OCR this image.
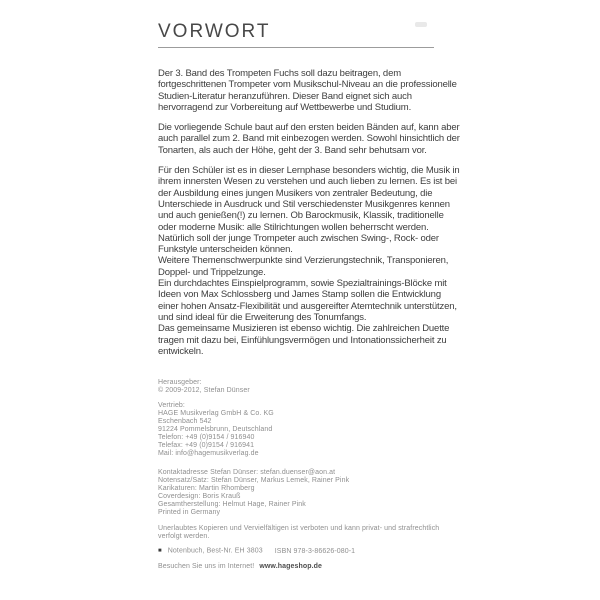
VORWORT

Der 3. Band des Trompeten Fuchs soll dazu beitragen, dem fortgeschrittenen Trompeter vom Musikschul-Niveau an die professionelle Studien-Literatur heranzuführen. Dieser Band eignet sich auch hervorragend zur Vorbereitung auf Wettbewerbe und Studium.

Die vorliegende Schule baut auf den ersten beiden Bänden auf, kann aber auch parallel zum 2. Band mit einbezogen werden. Sowohl hinsichtlich der Tonarten, als auch der Höhe, geht der 3. Band sehr behutsam vor.

Für den Schüler ist es in dieser Lernphase besonders wichtig, die Musik in ihrem innersten Wesen zu verstehen und auch lieben zu lernen. Es ist bei der Ausbildung eines jungen Musikers von zentraler Bedeutung, die Unterschiede in Ausdruck und Stil verschiedenster Musikgenres kennen und auch genießen(!) zu lernen. Ob Barockmusik, Klassik, traditionelle oder moderne Musik: alle Stilrichtungen wollen beherrscht werden. Natürlich soll der junge Trompeter auch zwischen Swing-, Rock- oder Funkstyle unterscheiden können.

Weitere Themenschwerpunkte sind Verzierungstechnik, Transponieren, Doppel- und Trippelzunge.

Ein durchdachtes Einspielprogramm, sowie Spezialtrainings-Blöcke mit Ideen von Max Schlossberg und James Stamp sollen die Entwicklung einer hohen Ansatz-Flexibilität und ausgereifter Atemtechnik unterstützen, und sind ideal für die Erweiterung des Tonumfangs.

Das gemeinsame Musizieren ist ebenso wichtig. Die zahlreichen Duette tragen mit dazu bei, Einfühlungsvermögen und Intonationssicherheit zu entwickeln.

Herausgeber:
© 2009-2012, Stefan Dünser
Vertrieb:
HAGE Musikverlag GmbH & Co. KG
Eschenbach 542
91224 Pommelsbrunn, Deutschland
Telefon: +49 (0)9154 / 916940
Telefax: +49 (0)9154 / 916941
Mail: info@hagemusikverlag.de
Kontaktadresse Stefan Dünser: stefan.duenser@aon.at
Notensatz/Satz: Stefan Dünser, Markus Lemek, Rainer Pink
Karikaturen: Martin Rhomberg
Coverdesign: Boris Krauß
Gesamtherstellung: Helmut Hage, Rainer Pink
Printed in Germany
Unerlaubtes Kopieren und Vervielfältigen ist verboten und kann privat- und strafrechtlich verfolgt werden.
■ Notenbuch, Best-Nr. EH 3803 ISBN 978-3-86626-080-1
Besuchen Sie uns im Internet! www.hageshop.de
